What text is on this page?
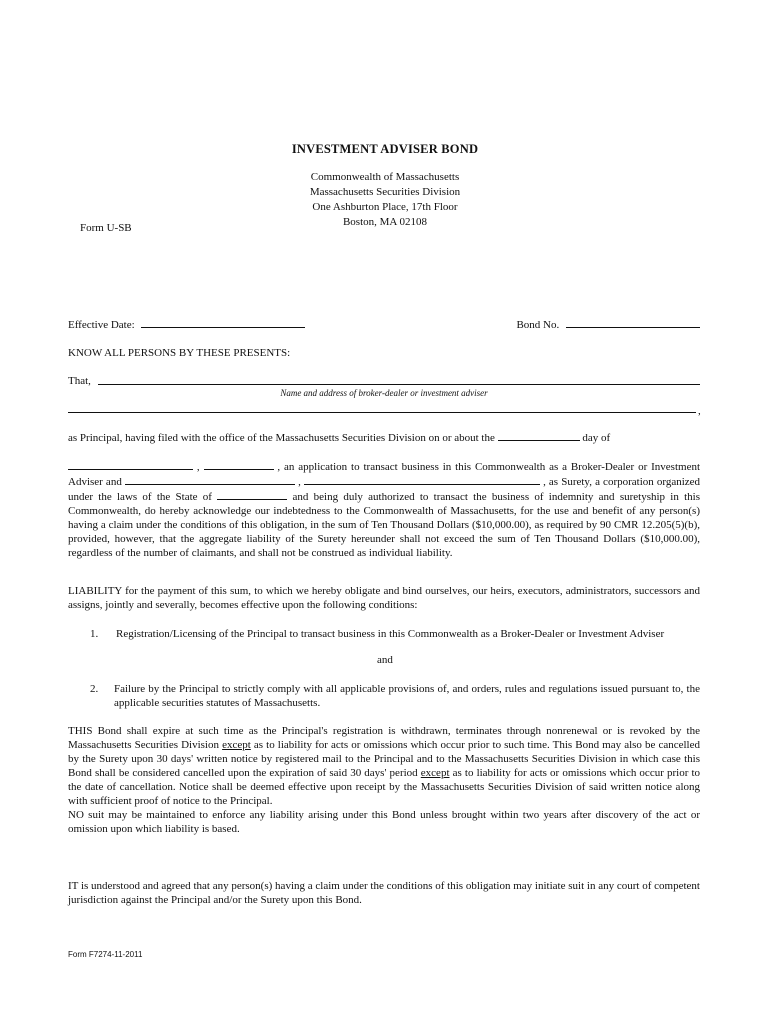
INVESTMENT ADVISER BOND
Commonwealth of Massachusetts
Massachusetts Securities Division
One Ashburton Place, 17th Floor
Boston, MA 02108
Form U-SB
Effective Date:	Bond No.
KNOW ALL PERSONS BY THESE PRESENTS:
That,
Name and address of broker-dealer or investment adviser
,
as Principal, having filed with the office of the Massachusetts Securities Division on or about the	day of
,	, an application to transact business in this Commonwealth as a Broker-Dealer or Investment Adviser and	,	, as Surety, a corporation organized under the laws of the State of	and being duly authorized to transact the business of indemnity and suretyship in this Commonwealth, do hereby acknowledge our indebtedness to the Commonwealth of Massachusetts, for the use and benefit of any person(s) having a claim under the conditions of this obligation, in the sum of Ten Thousand Dollars ($10,000.00), as required by 90 CMR 12.205(5)(b), provided, however, that the aggregate liability of the Surety hereunder shall not exceed the sum of Ten Thousand Dollars ($10,000.00), regardless of the number of claimants, and shall not be construed as individual liability.
LIABILITY for the payment of this sum, to which we hereby obligate and bind ourselves, our heirs, executors, administrators, successors and assigns, jointly and severally, becomes effective upon the following conditions:
1. Registration/Licensing of the Principal to transact business in this Commonwealth as a Broker-Dealer or Investment Adviser
and
2. Failure by the Principal to strictly comply with all applicable provisions of, and orders, rules and regulations issued pursuant to, the applicable securities statutes of Massachusetts.
THIS Bond shall expire at such time as the Principal's registration is withdrawn, terminates through nonrenewal or is revoked by the Massachusetts Securities Division except as to liability for acts or omissions which occur prior to such time. This Bond may also be cancelled by the Surety upon 30 days' written notice by registered mail to the Principal and to the Massachusetts Securities Division in which case this Bond shall be considered cancelled upon the expiration of said 30 days' period except as to liability for acts or omissions which occur prior to the date of cancellation. Notice shall be deemed effective upon receipt by the Massachusetts Securities Division of said written notice along with sufficient proof of notice to the Principal.
NO suit may be maintained to enforce any liability arising under this Bond unless brought within two years after discovery of the act or omission upon which liability is based.
IT is understood and agreed that any person(s) having a claim under the conditions of this obligation may initiate suit in any court of competent jurisdiction against the Principal and/or the Surety upon this Bond.
Form F7274-11-2011
